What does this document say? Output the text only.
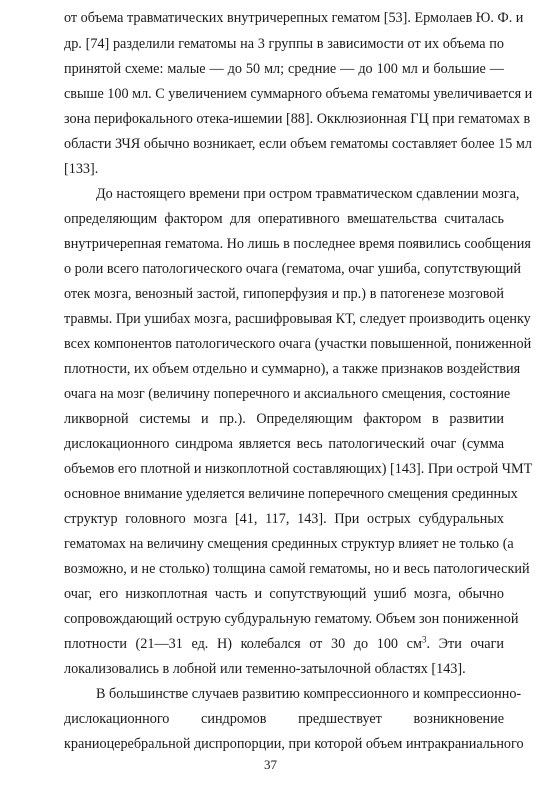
от объема травматических внутричерепных гематом [53]. Ермолаев Ю. Ф. и
др. [74] разделили гематомы на 3 группы в зависимости от их объема по
принятой схеме: малые — до 50 мл; средние — до 100 мл и большие —
свыше 100 мл. С увеличением суммарного объема гематомы увеличивается и
зона перифокального отека-ишемии [88]. Окклюзионная ГЦ при гематомах в
области ЗЧЯ обычно возникает, если объем гематомы составляет более 15 мл
[133].
До настоящего времени при остром травматическом сдавлении мозга,
определяющим фактором для оперативного вмешательства считалась
внутричерепная гематома. Но лишь в последнее время появились сообщения
о роли всего патологического очага (гематома, очаг ушиба, сопутствующий
отек мозга, венозный застой, гипоперфузия и пр.) в патогенезе мозговой
травмы. При ушибах мозга, расшифровывая КТ, следует производить оценку
всех компонентов патологического очага (участки повышенной, пониженной
плотности, их объем отдельно и суммарно), а также признаков воздействия
очага на мозг (величину поперечного и аксиального смещения, состояние
ликворной системы и пр.). Определяющим фактором в развитии
дислокационного синдрома является весь патологический очаг (сумма
объемов его плотной и низкоплотной составляющих) [143]. При острой ЧМТ
основное внимание уделяется величине поперечного смещения срединных
структур головного мозга [41, 117, 143]. При острых субдуральных
гематомах на величину смещения срединных структур влияет не только (а
возможно, и не столько) толщина самой гематомы, но и весь патологический
очаг, его низкоплотная часть и сопутствующий ушиб мозга, обычно
сопровождающий острую субдуральную гематому. Объем зон пониженной
плотности (21—31 ед. Н) колебался от 30 до 100 $см^3$. Эти очаги
локализовались в лобной или теменно-затылочной областях [143].
В большинстве случаев развитию компрессионного и компрессионно-
дислокационного синдромов предшествует возникновение
краниоцеребральной диспропорции, при которой объем интракраниального
37
